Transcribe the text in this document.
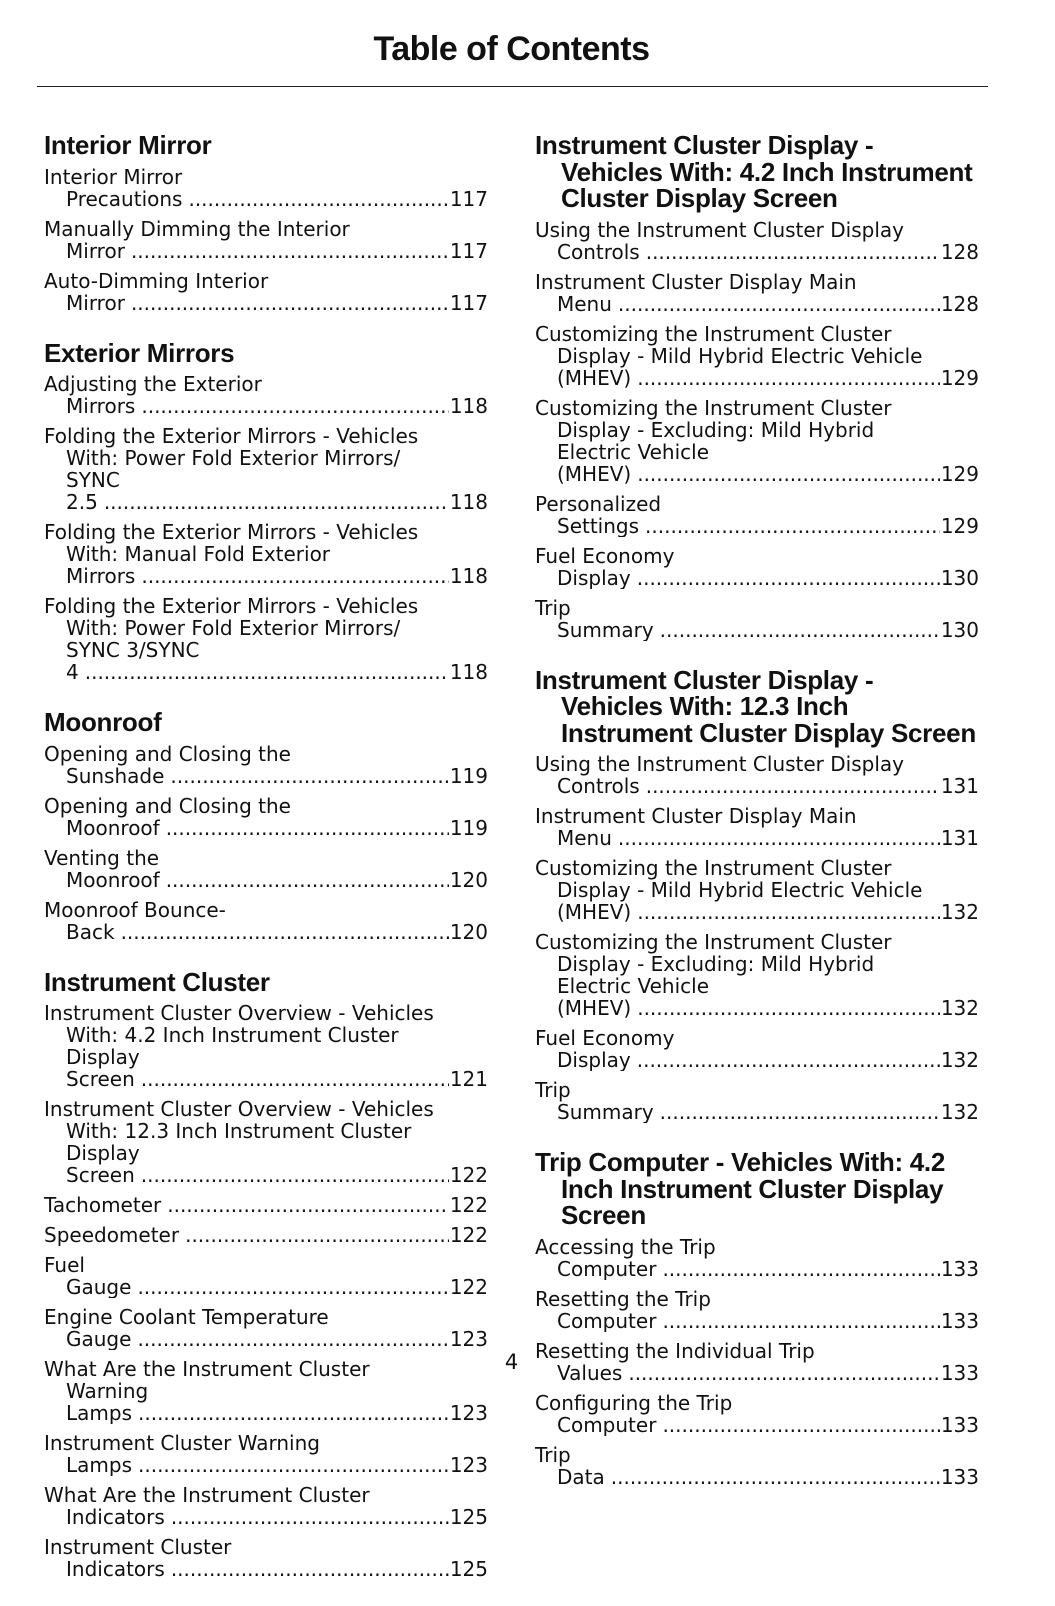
Table of Contents
Interior Mirror
Interior Mirror Precautions .....	117
Manually Dimming the Interior Mirror .....	117
Auto-Dimming Interior Mirror .....	117
Exterior Mirrors
Adjusting the Exterior Mirrors .....	118
Folding the Exterior Mirrors - Vehicles With: Power Fold Exterior Mirrors/ SYNC 2.5 .....	118
Folding the Exterior Mirrors - Vehicles With: Manual Fold Exterior Mirrors .....	118
Folding the Exterior Mirrors - Vehicles With: Power Fold Exterior Mirrors/ SYNC 3/SYNC 4 .....	118
Moonroof
Opening and Closing the Sunshade .....	119
Opening and Closing the Moonroof .....	119
Venting the Moonroof .....	120
Moonroof Bounce-Back .....	120
Instrument Cluster
Instrument Cluster Overview - Vehicles With: 4.2 Inch Instrument Cluster Display Screen .....	121
Instrument Cluster Overview - Vehicles With: 12.3 Inch Instrument Cluster Display Screen .....	122
Tachometer .....	122
Speedometer .....	122
Fuel Gauge .....	122
Engine Coolant Temperature Gauge .....	123
What Are the Instrument Cluster Warning Lamps .....	123
Instrument Cluster Warning Lamps .....	123
What Are the Instrument Cluster Indicators .....	125
Instrument Cluster Indicators .....	125
Instrument Cluster Display - Vehicles With: 4.2 Inch Instrument Cluster Display Screen
Using the Instrument Cluster Display Controls .....	128
Instrument Cluster Display Main Menu .....	128
Customizing the Instrument Cluster Display - Mild Hybrid Electric Vehicle (MHEV) .....	129
Customizing the Instrument Cluster Display - Excluding: Mild Hybrid Electric Vehicle (MHEV) .....	129
Personalized Settings .....	129
Fuel Economy Display .....	130
Trip Summary .....	130
Instrument Cluster Display - Vehicles With: 12.3 Inch Instrument Cluster Display Screen
Using the Instrument Cluster Display Controls .....	131
Instrument Cluster Display Main Menu .....	131
Customizing the Instrument Cluster Display - Mild Hybrid Electric Vehicle (MHEV) .....	132
Customizing the Instrument Cluster Display - Excluding: Mild Hybrid Electric Vehicle (MHEV) .....	132
Fuel Economy Display .....	132
Trip Summary .....	132
Trip Computer - Vehicles With: 4.2 Inch Instrument Cluster Display Screen
Accessing the Trip Computer .....	133
Resetting the Trip Computer .....	133
Resetting the Individual Trip Values .....	133
Configuring the Trip Computer .....	133
Trip Data .....	133
4
